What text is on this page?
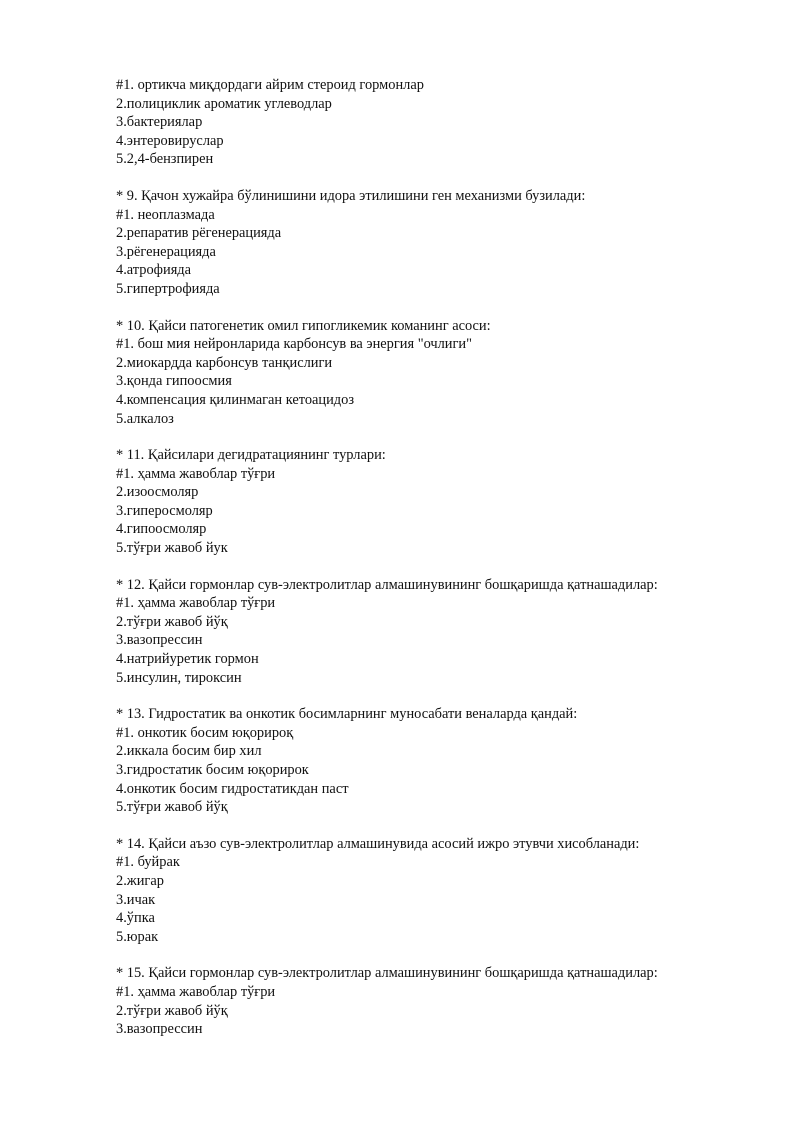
#1. ортикча миқдордаги айрим стероид гормонлар
2.полициклик ароматик углеводлар
3.бактериялар
4.энтеровируслар
5.2,4-бензпирен
* 9. Қачон хужайра бўлинишини идора этилишини ген механизми бузилади:
#1. неоплазмада
2.репаратив рёгенерацияда
3.рёгенерацияда
4.атрофияда
5.гипертрофияда
* 10. Қайси патогенетик омил гипогликемик команинг асоси:
#1. бош мия нейронларида карбонсув ва энергия "очлиги"
2.миокардда карбонсув танқислиги
3.қонда гипоосмия
4.компенсация қилинмаган кетоацидоз
5.алкалоз
* 11. Қайсилари дегидратациянинг турлари:
#1. ҳамма жавоблар тўғри
2.изоосмоляр
3.гиперосмоляр
4.гипоосмоляр
5.тўғри жавоб йук
* 12. Қайси гормонлар сув-электролитлар алмашинувининг бошқаришда қатнашадилар:
#1. ҳамма жавоблар тўғри
2.тўғри жавоб йўқ
3.вазопрессин
4.натрийуретик гормон
5.инсулин, тироксин
* 13. Гидростатик ва онкотик босимларнинг муносабати веналарда қандай:
#1. онкотик босим юқорироқ
2.иккала босим бир хил
3.гидростатик босим юқорирок
4.онкотик босим гидростатикдан паст
5.тўғри жавоб йўқ
* 14. Қайси аъзо сув-электролитлар алмашинувида асосий ижро этувчи хисобланади:
#1. буйрак
2.жигар
3.ичак
4.ўпка
5.юрак
* 15. Қайси гормонлар сув-электролитлар алмашинувининг бошқаришда қатнашадилар:
#1. ҳамма жавоблар тўғри
2.тўғри жавоб йўқ
3.вазопрессин
